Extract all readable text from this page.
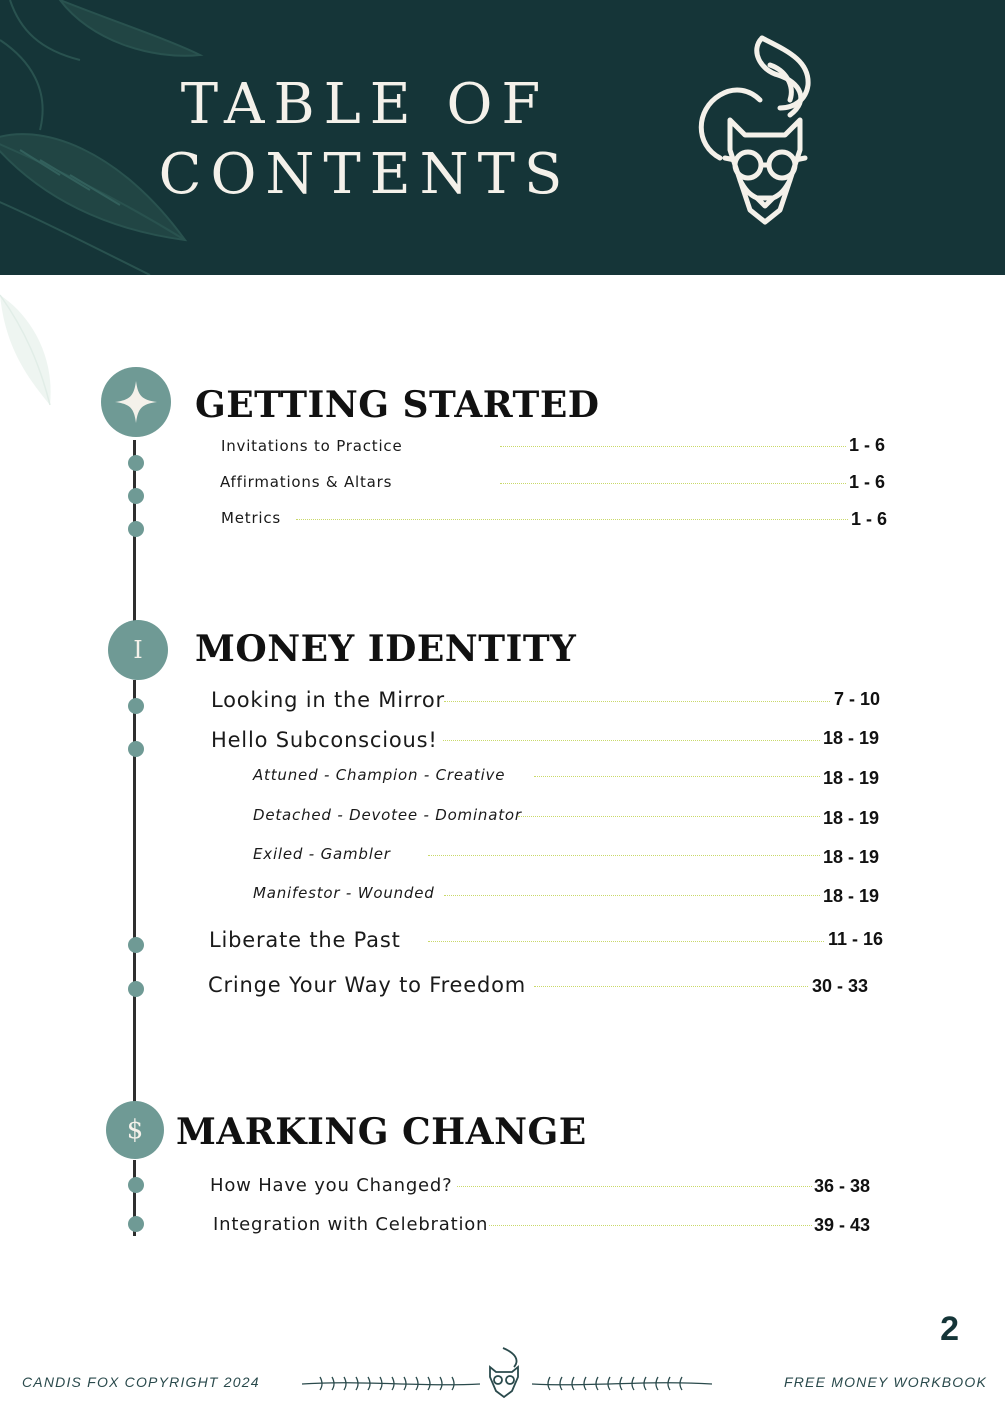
TABLE OF
CONTENTS
GETTING STARTED
Invitations to Practice	1 - 6
Affirmations & Altars	1 - 6
Metrics	1 - 6
I MONEY IDENTITY
Looking in the Mirror	7 - 10
Hello Subconscious!	18 - 19
Attuned - Champion - Creative	18 - 19
Detached - Devotee - Dominator	18 - 19
Exiled - Gambler	18 - 19
Manifestor - Wounded	18 - 19
Liberate the Past	11 - 16
Cringe Your Way to Freedom	30 - 33
$ MARKING CHANGE
How Have you Changed?	36 - 38
Integration with Celebration	39 - 43
2
CANDIS FOX COPYRIGHT 2024	FREE MONEY WORKBOOK
